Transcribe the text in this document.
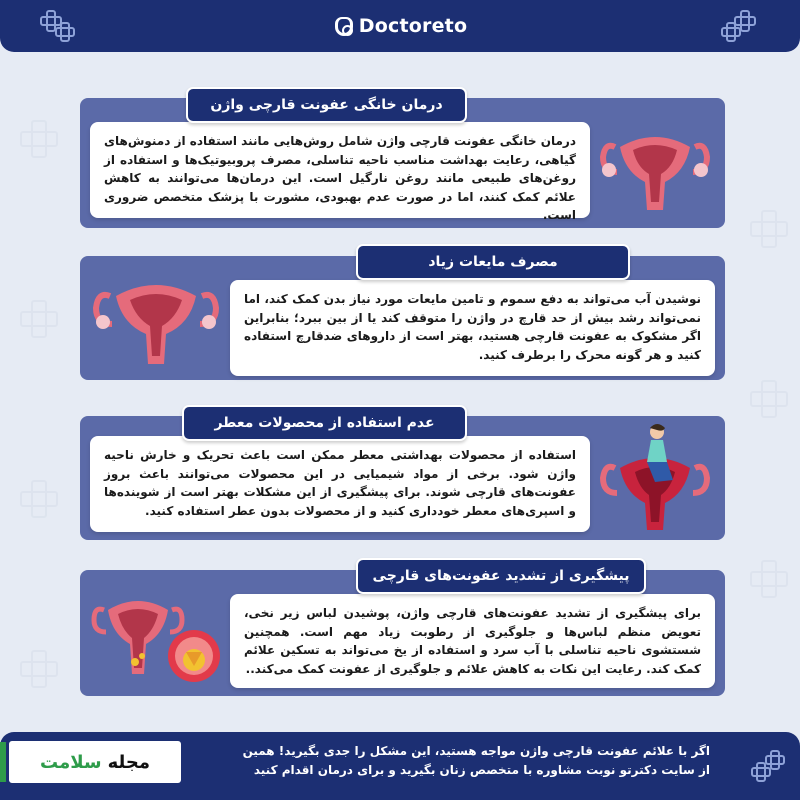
Doctoreto
درمان خانگی عفونت قارچی واژن شامل روش‌هایی مانند استفاده از دمنوش‌های گیاهی، رعایت بهداشت مناسب ناحیه تناسلی، مصرف پروبیوتیک‌ها و استفاده از روغن‌های طبیعی مانند روغن نارگیل است. این درمان‌ها می‌توانند به کاهش علائم کمک کنند، اما در صورت عدم بهبودی، مشورت با پزشک متخصص ضروری است.
درمان خانگی عفونت قارچی واژن
نوشیدن آب می‌تواند به دفع سموم و تامین مایعات مورد نیاز بدن کمک کند، اما نمی‌تواند رشد بیش از حد قارچ در واژن را متوقف کند یا از بین ببرد؛ بنابراین اگر مشکوک به عفونت قارچی هستید، بهتر است از داروهای ضدقارچ استفاده کنید و هر گونه محرک را برطرف کنید.
مصرف مایعات زیاد
استفاده از محصولات بهداشتی معطر ممکن است باعث تحریک و خارش ناحیه واژن شود. برخی از مواد شیمیایی در این محصولات می‌توانند باعث بروز عفونت‌های قارچی شوند. برای پیشگیری از این مشکلات بهتر است از شوینده‌ها و اسپری‌های معطر خودداری کنید و از محصولات بدون عطر استفاده کنید.
عدم استفاده از محصولات معطر
برای پیشگیری از تشدید عفونت‌های قارچی واژن، پوشیدن لباس زیر نخی، تعویض منظم لباس‌ها و جلوگیری از رطوبت زیاد مهم است. همچنین شستشوی ناحیه تناسلی با آب سرد و استفاده از یخ می‌تواند به تسکین علائم کمک کند. رعایت این نکات به کاهش علائم و جلوگیری از عفونت کمک می‌کند..
پیشگیری از تشدید عفونت‌های قارچی
اگر با علائم عفونت قارچی واژن مواجه هستید، این مشکل را جدی بگیرید! همین
از سایت دکترتو نوبت مشاوره با متخصص زنان بگیرید و برای درمان اقدام کنید
مجله
سلامت
